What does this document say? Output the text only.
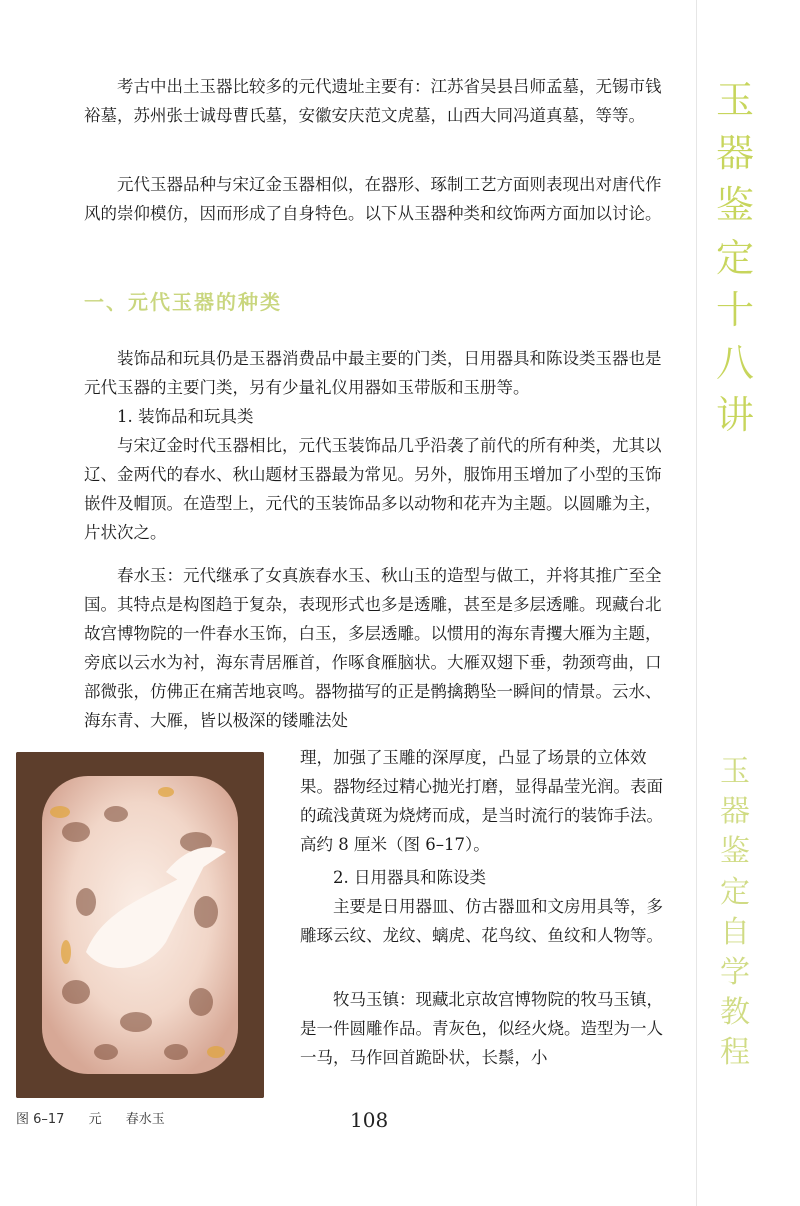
玉
器
鉴
定
十
八
讲
玉
器
鉴
定
自
学
教
程

考古中出土玉器比较多的元代遗址主要有：江苏省吴县吕师孟墓，无锡市钱裕墓，苏州张士诚母曹氏墓，安徽安庆范文虎墓，山西大同冯道真墓，等等。

元代玉器品种与宋辽金玉器相似，在器形、琢制工艺方面则表现出对唐代作风的崇仰模仿，因而形成了自身特色。以下从玉器种类和纹饰两方面加以讨论。

一、元代玉器的种类

装饰品和玩具仍是玉器消费品中最主要的门类，日用器具和陈设类玉器也是元代玉器的主要门类，另有少量礼仪用器如玉带版和玉册等。

1. 装饰品和玩具类

与宋辽金时代玉器相比，元代玉装饰品几乎沿袭了前代的所有种类，尤其以辽、金两代的春水、秋山题材玉器最为常见。另外，服饰用玉增加了小型的玉饰嵌件及帽顶。在造型上，元代的玉装饰品多以动物和花卉为主题。以圆雕为主，片状次之。

春水玉：元代继承了女真族春水玉、秋山玉的造型与做工，并将其推广至全国。其特点是构图趋于复杂，表现形式也多是透雕，甚至是多层透雕。现藏台北故宫博物院的一件春水玉饰，白玉，多层透雕。以惯用的海东青攫大雁为主题，旁底以云水为衬，海东青居雁首，作啄食雁脑状。大雁双翅下垂，勃颈弯曲，口部微张，仿佛正在痛苦地哀鸣。器物描写的正是鹘擒鹅坠一瞬间的情景。云水、海东青、大雁，皆以极深的镂雕法处

理，加强了玉雕的深厚度，凸显了场景的立体效果。器物经过精心抛光打磨，显得晶莹光润。表面的疏浅黄斑为烧烤而成，是当时流行的装饰手法。高约 8 厘米（图 6–17）。

2. 日用器具和陈设类

主要是日用器皿、仿古器皿和文房用具等，多雕琢云纹、龙纹、螭虎、花鸟纹、鱼纹和人物等。

牧马玉镇：现藏北京故宫博物院的牧马玉镇，是一件圆雕作品。青灰色，似经火烧。造型为一人一马，马作回首跪卧状，长鬃，小

图 6–17 元 春水玉	108
